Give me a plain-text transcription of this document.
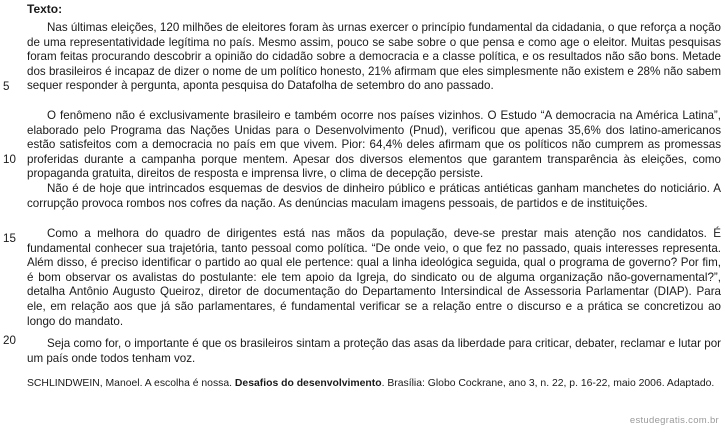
Texto:

Nas últimas eleições, 120 milhões de eleitores foram às urnas exercer o princípio fundamental da cidadania, o que reforça a noção de uma representatividade legítima no país. Mesmo assim, pouco se sabe sobre o que pensa e como age o eleitor. Muitas pesquisas foram feitas procurando descobrir a opinião do cidadão sobre a democracia e a classe política, e os resultados não são bons. Metade dos brasileiros é incapaz de dizer o nome de um político honesto, 21% afirmam que eles simplesmente não existem e 28% não sabem sequer responder à pergunta, aponta pesquisa do Datafolha de setembro do ano passado.

O fenômeno não é exclusivamente brasileiro e também ocorre nos países vizinhos. O Estudo “A democracia na América Latina”, elaborado pelo Programa das Nações Unidas para o Desenvolvimento (Pnud), verificou que apenas 35,6% dos latino-americanos estão satisfeitos com a democracia no país em que vivem. Pior: 64,4% deles afirmam que os políticos não cumprem as promessas proferidas durante a campanha porque mentem. Apesar dos diversos elementos que garantem transparência às eleições, como propaganda gratuita, direitos de resposta e imprensa livre, o clima de decepção persiste.

Não é de hoje que intrincados esquemas de desvios de dinheiro público e práticas antiéticas ganham manchetes do noticiário. A corrupção provoca rombos nos cofres da nação. As denúncias maculam imagens pessoais, de partidos e de instituições.

Como a melhora do quadro de dirigentes está nas mãos da população, deve-se prestar mais atenção nos candidatos. É fundamental conhecer sua trajetória, tanto pessoal como política. “De onde veio, o que fez no passado, quais interesses representa. Além disso, é preciso identificar o partido ao qual ele pertence: qual a linha ideológica seguida, qual o programa de governo? Por fim, é bom observar os avalistas do postulante: ele tem apoio da Igreja, do sindicato ou de alguma organização não-governamental?”, detalha Antônio Augusto Queiroz, diretor de documentação do Departamento Intersindical de Assessoria Parlamentar (DIAP). Para ele, em relação aos que já são parlamentares, é fundamental verificar se a relação entre o discurso e a prática se concretizou ao longo do mandato.

Seja como for, o importante é que os brasileiros sintam a proteção das asas da liberdade para criticar, debater, reclamar e lutar por um país onde todos tenham voz.

5
10
15
20

SCHLINDWEIN, Manoel. A escolha é nossa. Desafios do desenvolvimento. Brasília: Globo Cockrane, ano 3, n. 22, p. 16-22, maio 2006. Adaptado.

estudegratis.com.br
